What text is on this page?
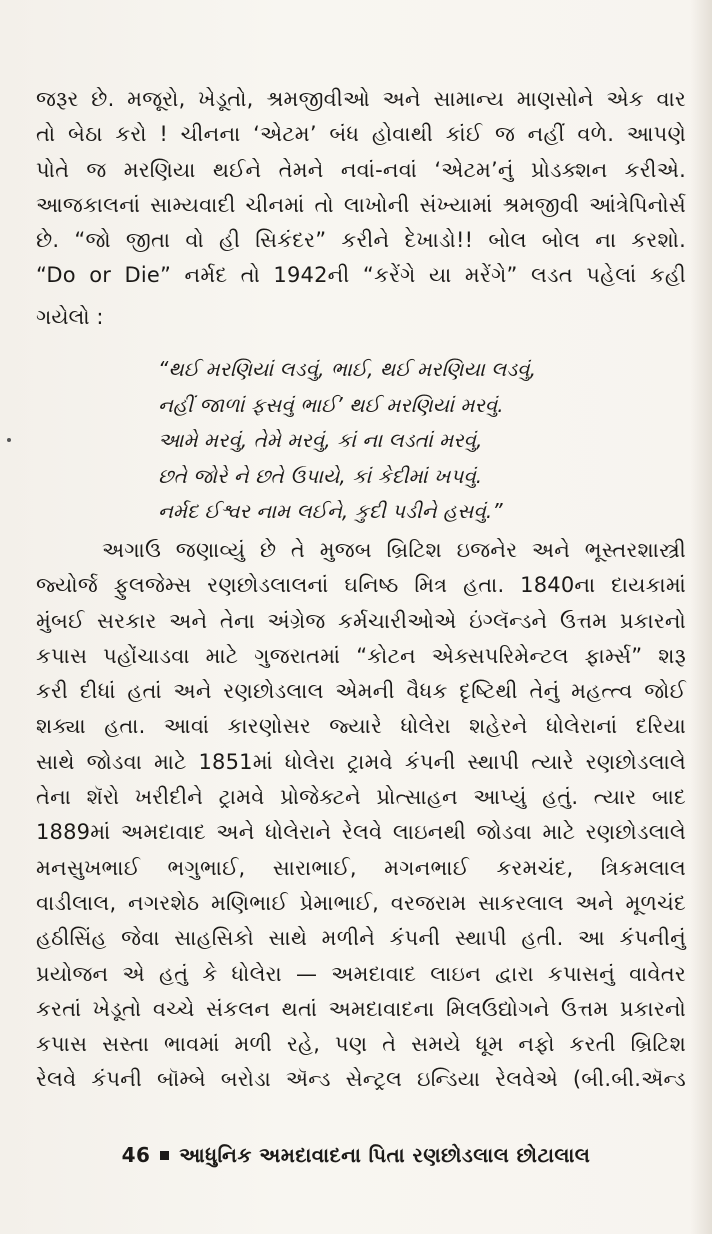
જરૂર છે. મજૂરો, ખેડૂતો, શ્રમજીવીઓ અને સામાન્ય માણસોને એક વાર
તો બેઠા કરો ! ચીનના ‘એટમ’ બંધ હોવાથી કાંઈ જ નહીં વળે. આપણે
પોતે જ મરણિયા થઈને તેમને નવાં-નવાં ‘એટમ’નું પ્રોડક્શન કરીએ.
આજકાલનાં સામ્યવાદી ચીનમાં તો લાખોની સંખ્યામાં શ્રમજીવી આંત્રેપિનોર્સ
છે. “જો જીતા વો હી સિકંદર” કરીને દેખાડો!! બોલ બોલ ના કરશો.
“Do or Die” નર્મદ તો 1942ની “કરેંગે યા મરેંગે” લડત પહેલાં કહી
ગયેલો :
“થઈ મરણિયાં લડવું, ભાઈ, થઈ મરણિયા લડવું,
નહીં જાળાં ફસવું ભાઈ’ થઈ મરણિયાં મરવું.
આમે મરવું, તેમે મરવું, કાં ના લડતાં મરવું,
છતે જોરે ને છતે ઉપાયે, કાં કેદીમાં ખપવું.
નર્મદ ઈશ્વર નામ લઈને, કુદી પડીને હસવું.”
અગાઉ જણાવ્યું છે તે મુજબ બ્રિટિશ ઇજનેર અને ભૂસ્તરશાસ્ત્રી
જ્યોર્જ ફુલજેમ્સ રણછોડલાલનાં ઘનિષ્ઠ મિત્ર હતા. 1840ના દાયકામાં
મુંબઈ સરકાર અને તેના અંગ્રેજ કર્મચારીઓએ ઇંગ્લૅન્ડને ઉત્તમ પ્રકારનો
કપાસ પહોંચાડવા માટે ગુજરાતમાં “કોટન એક્સપરિમેન્ટલ ફાર્મ્સ” શરૂ
કરી દીધાં હતાં અને રણછોડલાલ એમની વૈધક દૃષ્ટિથી તેનું મહત્ત્વ જોઈ
શક્યા હતા. આવાં કારણોસર જ્યારે ધોલેરા શહેરને ધોલેરાનાં દરિયા
સાથે જોડવા માટે 1851માં ધોલેરા ટ્રામવે કંપની સ્થાપી ત્યારે રણછોડલાલે
તેના શૅરો ખરીદીને ટ્રામવે પ્રોજેક્ટને પ્રોત્સાહન આપ્યું હતું. ત્યાર બાદ
1889માં અમદાવાદ અને ધોલેરાને રેલવે લાઇનથી જોડવા માટે રણછોડલાલે
મનસુખભાઈ ભગુભાઈ, સારાભાઈ, મગનભાઈ કરમચંદ, ત્રિકમલાલ
વાડીલાલ, નગરશેઠ મણિભાઈ પ્રેમાભાઈ, વરજરામ સાકરલાલ અને મૂળચંદ
હઠીસિંહ જેવા સાહસિકો સાથે મળીને કંપની સ્થાપી હતી. આ કંપનીનું
પ્રયોજન એ હતું કે ધોલેરા — અમદાવાદ લાઇન દ્વારા કપાસનું વાવેતર
કરતાં ખેડૂતો વચ્ચે સંકલન થતાં અમદાવાદના મિલઉદ્યોગને ઉત્તમ પ્રકારનો
કપાસ સસ્તા ભાવમાં મળી રહે, પણ તે સમયે ધૂમ નફો કરતી બ્રિટિશ
રેલવે કંપની બૉમ્બે બરોડા ઍન્ડ સેન્ટ્રલ ઇન્ડિયા રેલવેએ (બી.બી.ઍન્ડ
46 આધુનિક અમદાવાદના પિતા રણછોડલાલ છોટાલાલ
